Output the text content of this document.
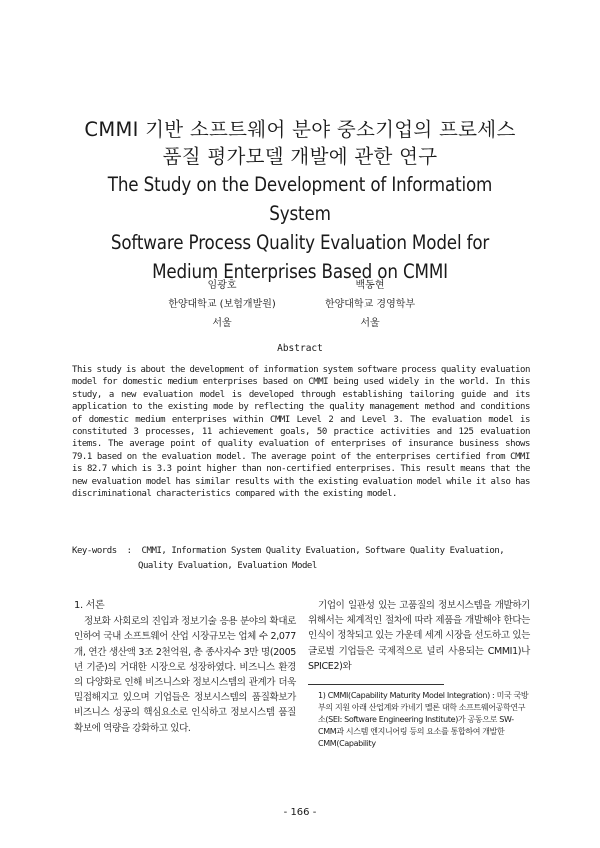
CMMI 기반 소프트웨어 분야 중소기업의 프로세스
품질 평가모델 개발에 관한 연구
The Study on the Development of Informatiom System
Software Process Quality Evaluation Model for
Medium Enterprises Based on CMMI
임광호
한양대학교 (보험개발원)
서울
백동현
한양대학교 경영학부
서울
Abstract
This study is about the development of information system software process quality evaluation model for domestic medium enterprises based on CMMI being used widely in the world. In this study, a new evaluation model is developed through establishing tailoring guide and its application to the existing mode by reflecting the quality management method and conditions of domestic medium enterprises within CMMI Level 2 and Level 3. The evaluation model is constituted 3 processes, 11 achievement goals, 50 practice activities and 125 evaluation items. The average point of quality evaluation of enterprises of insurance business shows 79.1 based on the evaluation model. The average point of the enterprises certified from CMMI is 82.7 which is 3.3 point higher than non-certified enterprises. This result means that the new evaluation model has similar results with the existing evaluation model while it also has discriminational characteristics compared with the existing model.
Key-words  :  CMMI, Information System Quality Evaluation, Software Quality Evaluation,
Quality Evaluation, Evaluation Model
1. 서론
정보화 사회로의 진입과 정보기술 응용 분야의 확대로 인하여 국내 소프트웨어 산업 시장규모는 업체 수 2,077개, 연간 생산액 3조 2천억원, 총 종사자수 3만 명(2005년 기준)의 거대한 시장으로 성장하였다. 비즈니스 환경의 다양화로 인해 비즈니스와 정보시스템의 관계가 더욱 밀접해지고 있으며 기업들은 정보시스템의 품질확보가 비즈니스 성공의 핵심요소로 인식하고 정보시스템 품질 확보에 역량을 강화하고 있다.
기업이 일관성 있는 고품질의 정보시스템을 개발하기 위해서는 체계적인 절차에 따라 제품을 개발해야 한다는 인식이 정착되고 있는 가운데 세계 시장을 선도하고 있는 글로벌 기업들은 국제적으로 널리 사용되는 CMMI1)나 SPICE2)와
1) CMMI(Capability Maturity Model Integration) : 미국 국방부의 지원 아래 산업계와 카네기 멜론 대학 소프트웨어공학연구소(SEI: Software Engineering Institute)가 공동으로 SW-CMM과 시스템 엔지니어링 등의 요소를 통합하여 개발한 CMM(Capability
- 166 -
